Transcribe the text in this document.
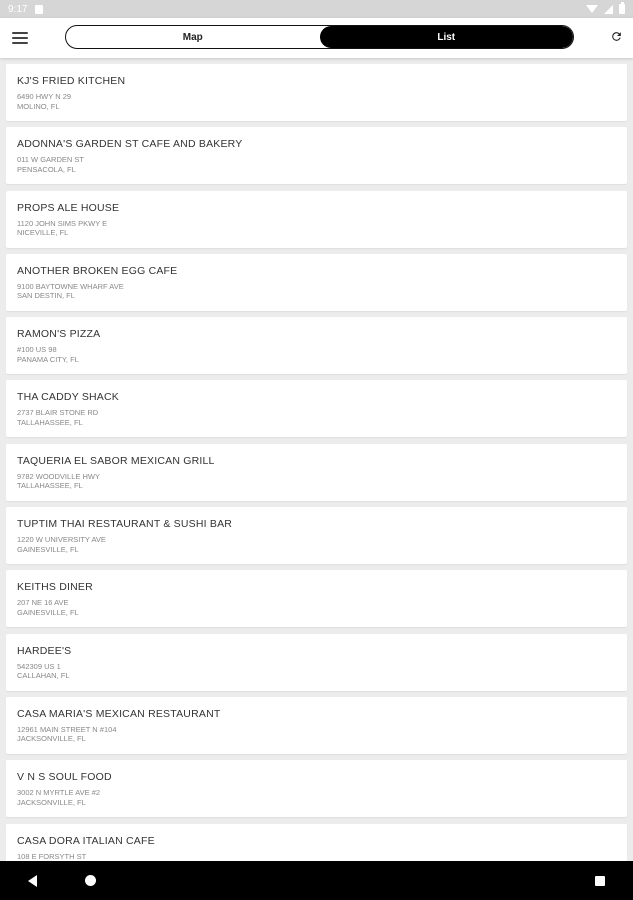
9:17
Map	List
KJ'S FRIED KITCHEN
6490 HWY N 29
MOLINO, FL
ADONNA'S GARDEN ST CAFE AND BAKERY
011 W GARDEN ST
PENSACOLA, FL
PROPS ALE HOUSE
1120 JOHN SIMS PKWY E
NICEVILLE, FL
ANOTHER BROKEN EGG CAFE
9100 BAYTOWNE WHARF AVE
SAN DESTIN, FL
RAMON'S PIZZA
#100 US 98
PANAMA CITY, FL
THA CADDY SHACK
2737 BLAIR STONE RD
TALLAHASSEE, FL
TAQUERIA EL SABOR MEXICAN GRILL
9782 WOODVILLE HWY
TALLAHASSEE, FL
TUPTIM THAI RESTAURANT & SUSHI BAR
1220 W UNIVERSITY AVE
GAINESVILLE, FL
KEITHS DINER
207 NE 16 AVE
GAINESVILLE, FL
HARDEE'S
542309 US 1
CALLAHAN, FL
CASA MARIA'S MEXICAN RESTAURANT
12961 MAIN STREET N #104
JACKSONVILLE, FL
V N S SOUL FOOD
3002 N MYRTLE AVE #2
JACKSONVILLE, FL
CASA DORA ITALIAN CAFE
108 E FORSYTH ST
